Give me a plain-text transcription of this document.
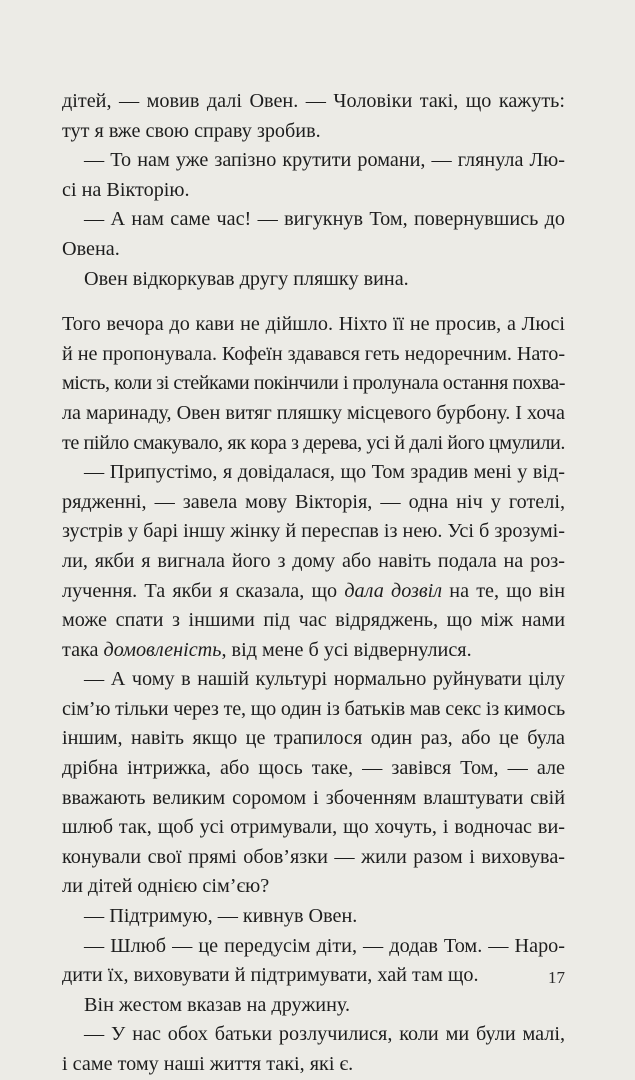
дітей, — мовив далі Овен. — Чоловіки такі, що кажуть:
тут я вже свою справу зробив.
— То нам уже запізно крутити романи, — глянула Лю-
сі на Вікторію.
— А нам саме час! — вигукнув Том, повернувшись до
Овена.
Овен відкоркував другу пляшку вина.
Того вечора до кави не дійшло. Ніхто її не просив, а Люсі
й не пропонувала. Кофеїн здавався геть недоречним. Нато-
мість, коли зі стейками покінчили і пролунала остання похва-
ла маринаду, Овен витяг пляшку місцевого бурбону. І хоча
те пійло смакувало, як кора з дерева, усі й далі його цмулили.
— Припустімо, я довідалася, що Том зрадив мені у від-
рядженні, — завела мову Вікторія, — одна ніч у готелі,
зустрів у барі іншу жінку й переспав із нею. Усі б зрозумі-
ли, якби я вигнала його з дому або навіть подала на роз-
лучення. Та якби я сказала, що дала дозвіл на те, що він
може спати з іншими під час відряджень, що між нами
така домовленість, від мене б усі відвернулися.
— А чому в нашій культурі нормально руйнувати цілу
сім’ю тільки через те, що один із батьків мав секс із кимось
іншим, навіть якщо це трапилося один раз, або це була
дрібна інтрижка, або щось таке, — завівся Том, — але
вважають великим соромом і збоченням влаштувати свій
шлюб так, щоб усі отримували, що хочуть, і водночас ви-
конували свої прямі обов’язки — жили разом і виховува-
ли дітей однією сім’єю?
— Підтримую, — кивнув Овен.
— Шлюб — це передусім діти, — додав Том. — Наро-
дити їх, виховувати й підтримувати, хай там що.
Він жестом вказав на дружину.
— У нас обох батьки розлучилися, коли ми були малі,
і саме тому наші життя такі, які є.
17
